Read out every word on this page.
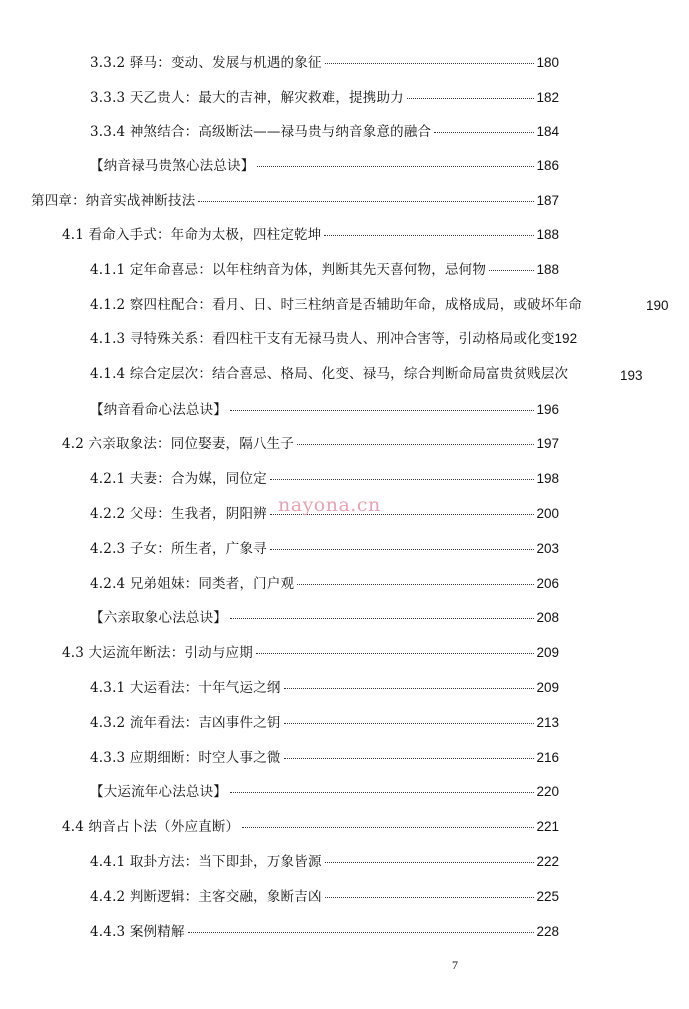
3.3.2 驿马：变动、发展与机遇的象征	180
3.3.3 天乙贵人：最大的吉神，解灾救难，提携助力	182
3.3.4 神煞结合：高级断法——禄马贵与纳音象意的融合	184
【纳音禄马贵煞心法总诀】	186
第四章：纳音实战神断技法	187
4.1 看命入手式：年命为太极，四柱定乾坤	188
4.1.1 定年命喜忌：以年柱纳音为体，判断其先天喜何物，忌何物	188
4.1.2 察四柱配合：看月、日、时三柱纳音是否辅助年命，成格成局，或破坏年命	190
4.1.3 寻特殊关系：看四柱干支有无禄马贵人、刑冲合害等，引动格局或化变 192
4.1.4 综合定层次：结合喜忌、格局、化变、禄马，综合判断命局富贵贫贱层次	193
【纳音看命心法总诀】	196
4.2 六亲取象法：同位娶妻，隔八生子	197
4.2.1 夫妻：合为媒，同位定	198
4.2.2 父母：生我者，阴阳辨	200
4.2.3 子女：所生者，广象寻	203
4.2.4 兄弟姐妹：同类者，门户观	206
【六亲取象心法总诀】	208
4.3 大运流年断法：引动与应期	209
4.3.1 大运看法：十年气运之纲	209
4.3.2 流年看法：吉凶事件之钥	213
4.3.3 应期细断：时空人事之微	216
【大运流年心法总诀】	220
4.4 纳音占卜法（外应直断）	221
4.4.1 取卦方法：当下即卦，万象皆源	222
4.4.2 判断逻辑：主客交融，象断吉凶	225
4.4.3 案例精解	228
nayona.cn
7
